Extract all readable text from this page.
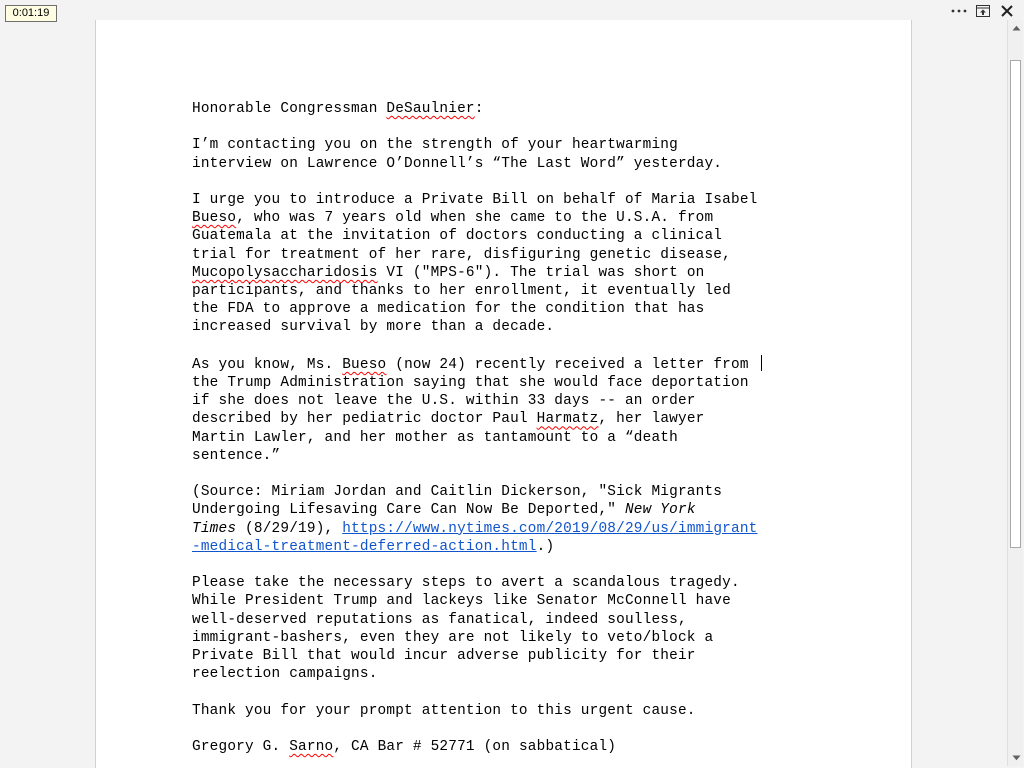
0:01:19

Honorable Congressman DeSaulnier:

I’m contacting you on the strength of your heartwarming
interview on Lawrence O’Donnell’s “The Last Word” yesterday.

I urge you to introduce a Private Bill on behalf of Maria Isabel
Bueso, who was 7 years old when she came to the U.S.A. from
Guatemala at the invitation of doctors conducting a clinical
trial for treatment of her rare, disfiguring genetic disease,
Mucopolysaccharidosis VI ("MPS-6"). The trial was short on
participants, and thanks to her enrollment, it eventually led
the FDA to approve a medication for the condition that has
increased survival by more than a decade.

As you know, Ms. Bueso (now 24) recently received a letter from
the Trump Administration saying that she would face deportation
if she does not leave the U.S. within 33 days -- an order
described by her pediatric doctor Paul Harmatz, her lawyer
Martin Lawler, and her mother as tantamount to a “death
sentence.”

(Source: Miriam Jordan and Caitlin Dickerson, "Sick Migrants
Undergoing Lifesaving Care Can Now Be Deported," New York
Times (8/29/19), https://www.nytimes.com/2019/08/29/us/immigrant
-medical-treatment-deferred-action.html.)

Please take the necessary steps to avert a scandalous tragedy.
While President Trump and lackeys like Senator McConnell have
well-deserved reputations as fanatical, indeed soulless,
immigrant-bashers, even they are not likely to veto/block a
Private Bill that would incur adverse publicity for their
reelection campaigns.

Thank you for your prompt attention to this urgent cause.

Gregory G. Sarno, CA Bar # 52771 (on sabbatical)
